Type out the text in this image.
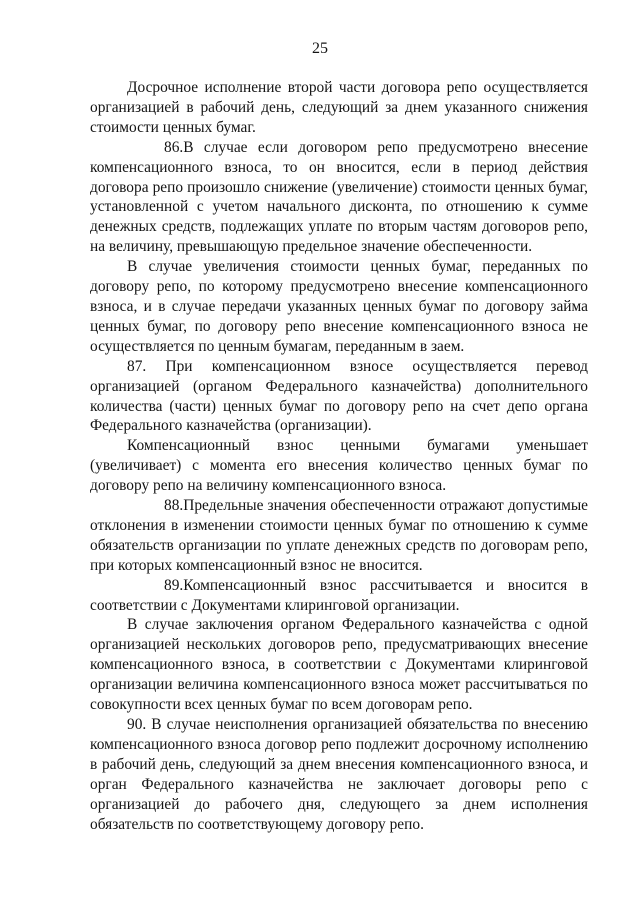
25

Досрочное исполнение второй части договора репо осуществляется организацией в рабочий день, следующий за днем указанного снижения стоимости ценных бумаг.

86.В случае если договором репо предусмотрено внесение компенсационного взноса, то он вносится, если в период действия договора репо произошло снижение (увеличение) стоимости ценных бумаг, установленной с учетом начального дисконта, по отношению к сумме денежных средств, подлежащих уплате по вторым частям договоров репо, на величину, превышающую предельное значение обеспеченности.

В случае увеличения стоимости ценных бумаг, переданных по договору репо, по которому предусмотрено внесение компенсационного взноса, и в случае передачи указанных ценных бумаг по договору займа ценных бумаг, по договору репо внесение компенсационного взноса не осуществляется по ценным бумагам, переданным в заем.

87. При компенсационном взносе осуществляется перевод организацией (органом Федерального казначейства) дополнительного количества (части) ценных бумаг по договору репо на счет депо органа Федерального казначейства (организации).

Компенсационный взнос ценными бумагами уменьшает (увеличивает) с момента его внесения количество ценных бумаг по договору репо на величину компенсационного взноса.

88.Предельные значения обеспеченности отражают допустимые отклонения в изменении стоимости ценных бумаг по отношению к сумме обязательств организации по уплате денежных средств по договорам репо, при которых компенсационный взнос не вносится.

89.Компенсационный взнос рассчитывается и вносится в соответствии с Документами клиринговой организации.

В случае заключения органом Федерального казначейства с одной организацией нескольких договоров репо, предусматривающих внесение компенсационного взноса, в соответствии с Документами клиринговой организации величина компенсационного взноса может рассчитываться по совокупности всех ценных бумаг по всем договорам репо.

90. В случае неисполнения организацией обязательства по внесению компенсационного взноса договор репо подлежит досрочному исполнению в рабочий день, следующий за днем внесения компенсационного взноса, и орган Федерального казначейства не заключает договоры репо с организацией до рабочего дня, следующего за днем исполнения обязательств по соответствующему договору репо.
